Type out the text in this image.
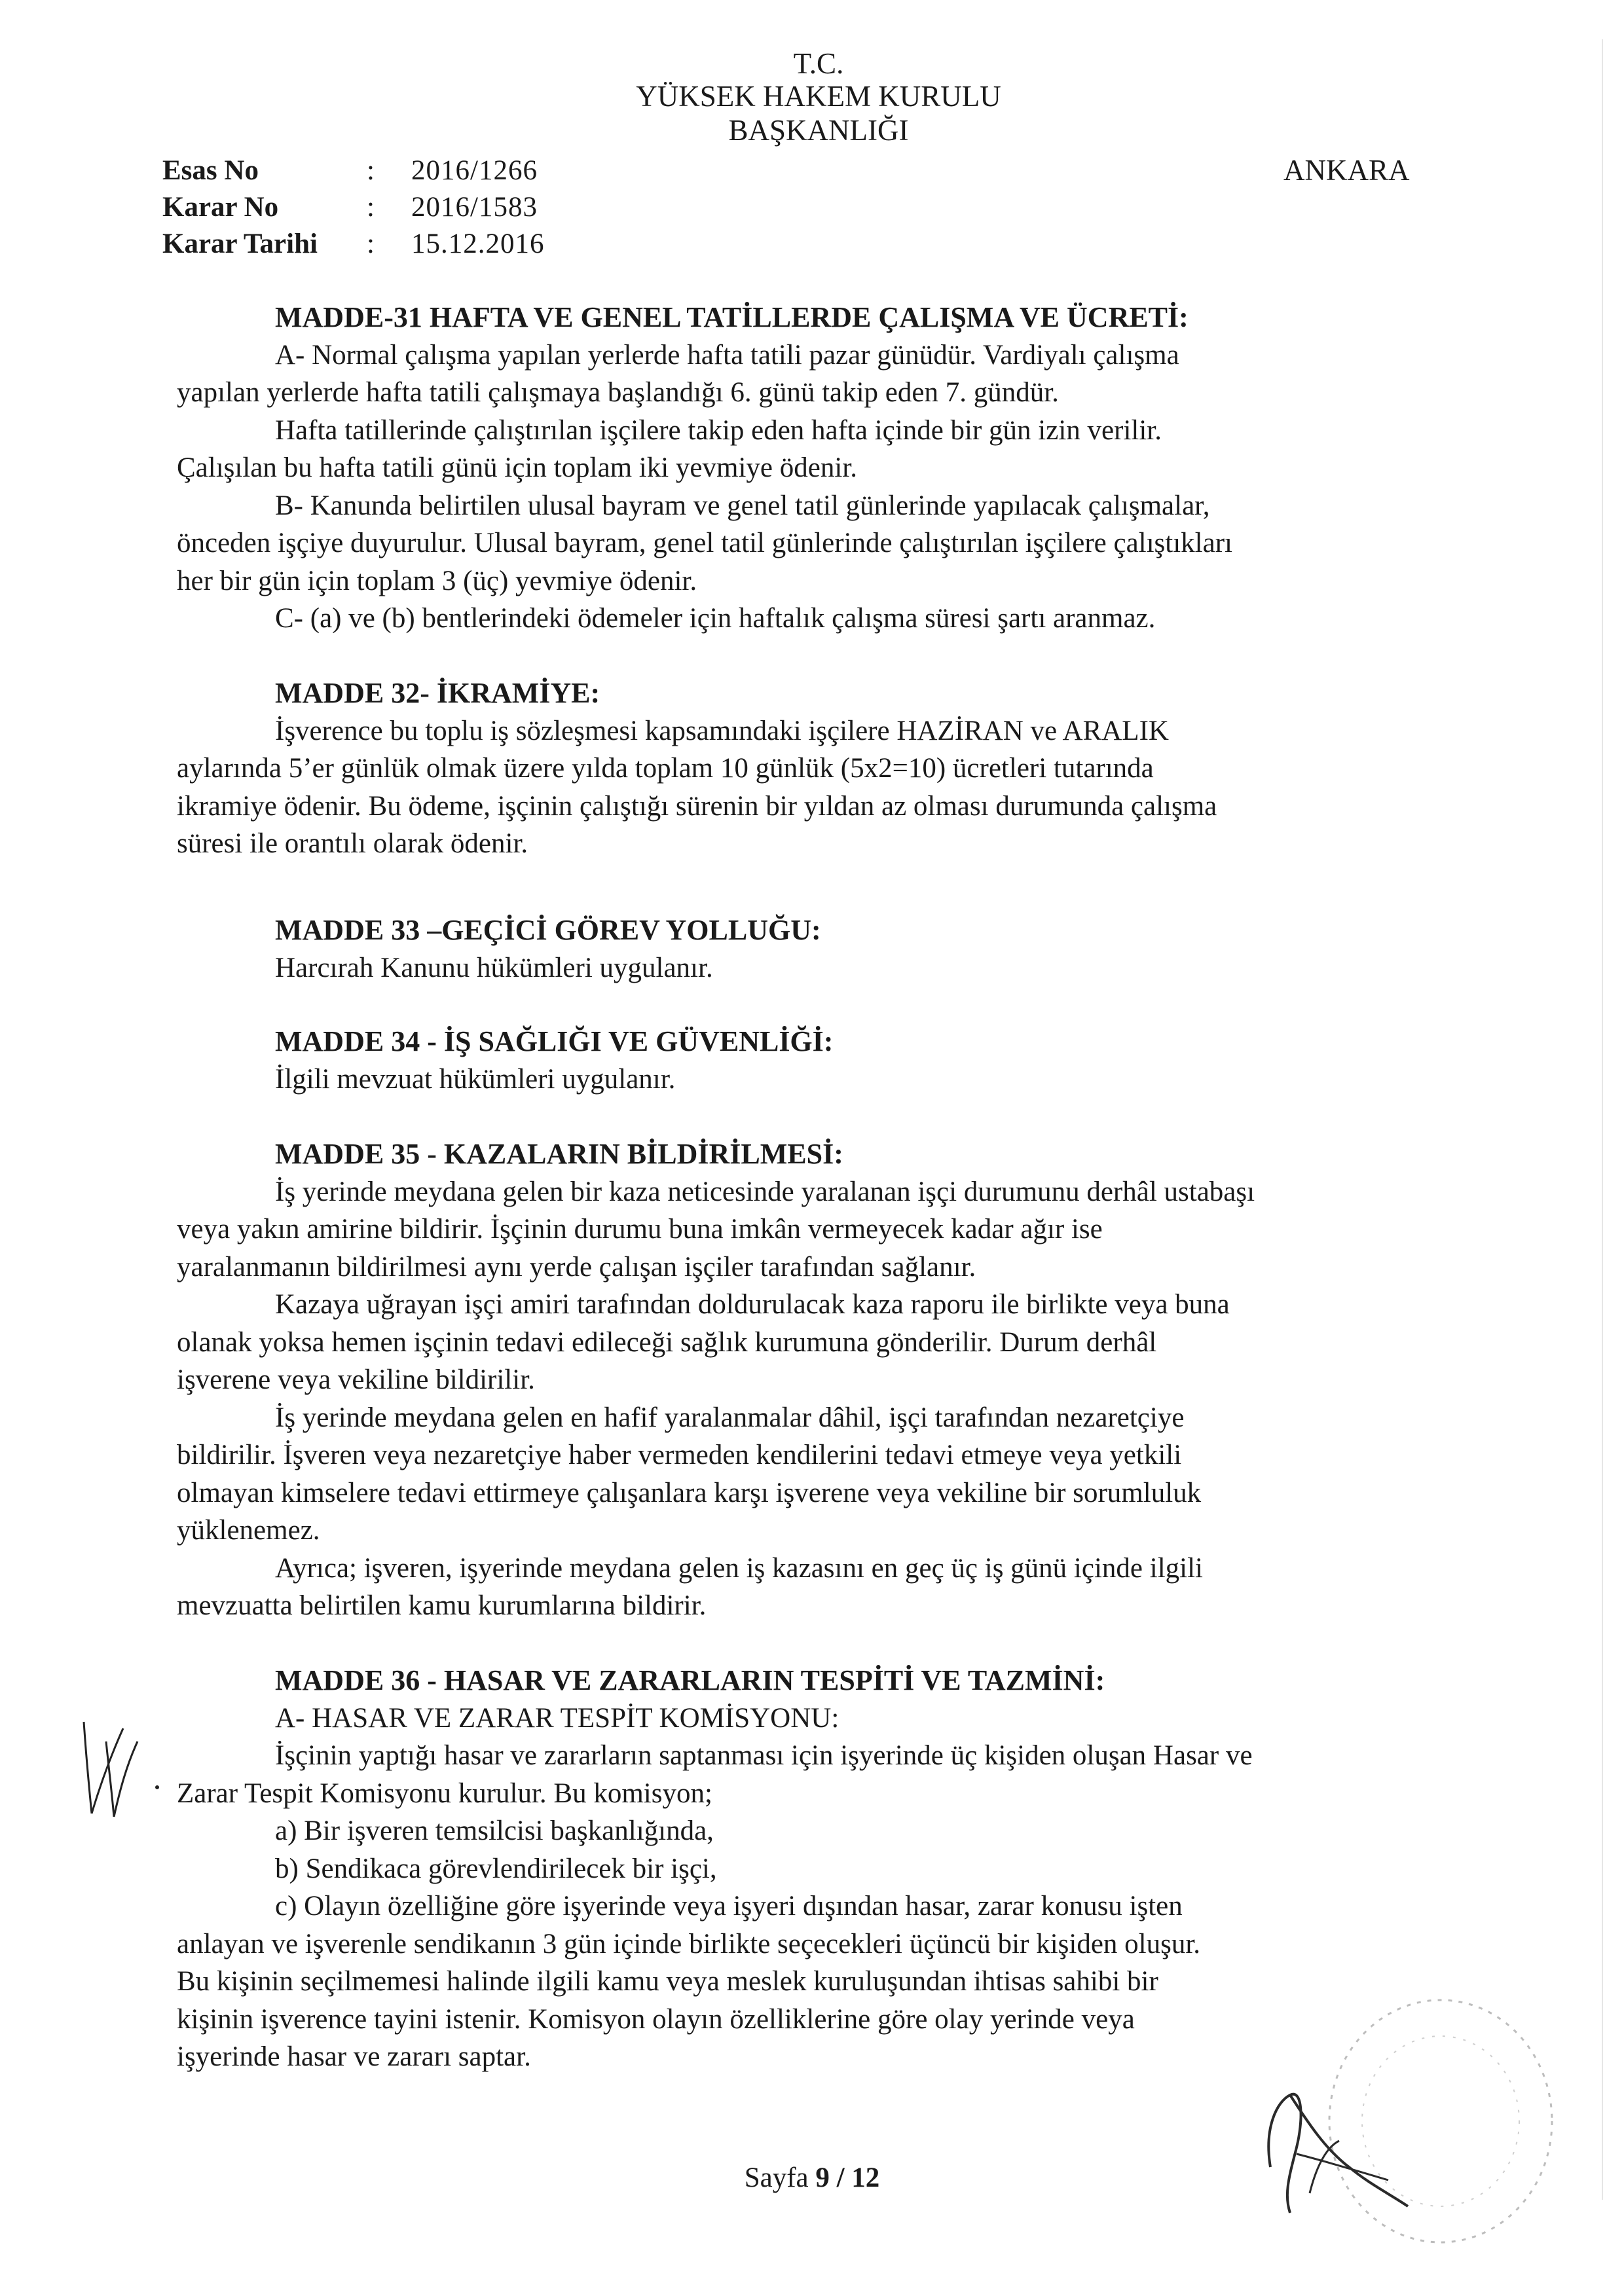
T.C.
YÜKSEK HAKEM KURULU
BAŞKANLIĞI
ANKARA
Esas No	: 2016/1266
Karar No	: 2016/1583
Karar Tarihi : 15.12.2016

MADDE-31 HAFTA VE GENEL TATİLLERDE ÇALIŞMA VE ÜCRETİ:

A- Normal çalışma yapılan yerlerde hafta tatili pazar günüdür. Vardiyalı çalışma

yapılan yerlerde hafta tatili çalışmaya başlandığı 6. günü takip eden 7. gündür.

Hafta tatillerinde çalıştırılan işçilere takip eden hafta içinde bir gün izin verilir.

Çalışılan bu hafta tatili günü için toplam iki yevmiye ödenir.

B- Kanunda belirtilen ulusal bayram ve genel tatil günlerinde yapılacak çalışmalar,

önceden işçiye duyurulur. Ulusal bayram, genel tatil günlerinde çalıştırılan işçilere çalıştıkları

her bir gün için toplam 3 (üç) yevmiye ödenir.

C- (a) ve (b) bentlerindeki ödemeler için haftalık çalışma süresi şartı aranmaz.

MADDE 32- İKRAMİYE:

İşverence bu toplu iş sözleşmesi kapsamındaki işçilere HAZİRAN ve ARALIK

aylarında 5’er günlük olmak üzere yılda toplam 10 günlük (5x2=10) ücretleri tutarında

ikramiye ödenir. Bu ödeme, işçinin çalıştığı sürenin bir yıldan az olması durumunda çalışma

süresi ile orantılı olarak ödenir.

MADDE 33 –GEÇİCİ GÖREV YOLLUĞU:

Harcırah Kanunu hükümleri uygulanır.

MADDE 34 - İŞ SAĞLIĞI VE GÜVENLİĞİ:

İlgili mevzuat hükümleri uygulanır.

MADDE 35 - KAZALARIN BİLDİRİLMESİ:

İş yerinde meydana gelen bir kaza neticesinde yaralanan işçi durumunu derhâl ustabaşı

veya yakın amirine bildirir. İşçinin durumu buna imkân vermeyecek kadar ağır ise

yaralanmanın bildirilmesi aynı yerde çalışan işçiler tarafından sağlanır.

Kazaya uğrayan işçi amiri tarafından doldurulacak kaza raporu ile birlikte veya buna

olanak yoksa hemen işçinin tedavi edileceği sağlık kurumuna gönderilir. Durum derhâl

işverene veya vekiline bildirilir.

İş yerinde meydana gelen en hafif yaralanmalar dâhil, işçi tarafından nezaretçiye

bildirilir. İşveren veya nezaretçiye haber vermeden kendilerini tedavi etmeye veya yetkili

olmayan kimselere tedavi ettirmeye çalışanlara karşı işverene veya vekiline bir sorumluluk

yüklenemez.

Ayrıca; işveren, işyerinde meydana gelen iş kazasını en geç üç iş günü içinde ilgili

mevzuatta belirtilen kamu kurumlarına bildirir.

MADDE 36 - HASAR VE ZARARLARIN TESPİTİ VE TAZMİNİ:

A- HASAR VE ZARAR TESPİT KOMİSYONU:

İşçinin yaptığı hasar ve zararların saptanması için işyerinde üç kişiden oluşan Hasar ve

Zarar Tespit Komisyonu kurulur. Bu komisyon;

a) Bir işveren temsilcisi başkanlığında,

b) Sendikaca görevlendirilecek bir işçi,

c) Olayın özelliğine göre işyerinde veya işyeri dışından hasar, zarar konusu işten

anlayan ve işverenle sendikanın 3 gün içinde birlikte seçecekleri üçüncü bir kişiden oluşur.

Bu kişinin seçilmemesi halinde ilgili kamu veya meslek kuruluşundan ihtisas sahibi bir

kişinin işverence tayini istenir. Komisyon olayın özelliklerine göre olay yerinde veya

işyerinde hasar ve zararı saptar.

Sayfa 9 / 12
